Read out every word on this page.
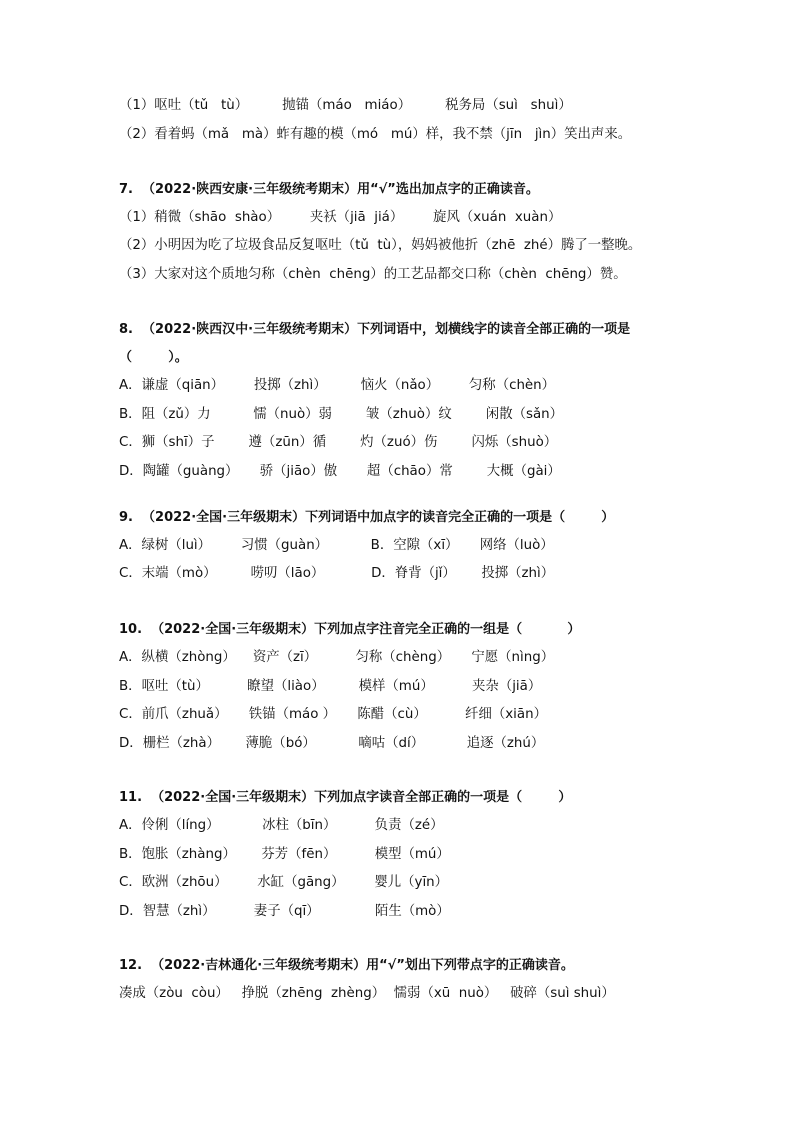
（1）呕吐（tǔ   tù）        抛锚（máo   miáo）        税务局（suì   shuì）
（2）看着蚂（mǎ   mà）蚱有趣的模（mó   mú）样，我不禁（jīn   jìn）笑出声来。
7.  （2022·陕西安康·三年级统考期末）用“√”选出加点字的正确读音。
（1）稍微（shāo  shào）       夹袄（jiā  jiá）       旋风（xuán  xuàn）
（2）小明因为吃了垃圾食品反复呕吐（tǔ  tù），妈妈被他折（zhē  zhé）腾了一整晚。
（3）大家对这个质地匀称（chèn  chēng）的工艺品都交口称（chèn  chēng）赞。
8.  （2022·陕西汉中·三年级统考期末）下列词语中，划横线字的读音全部正确的一项是
（        ）。
A．谦虚（qiān）       投掷（zhì）        恼火（nǎo）       匀称（chèn）
B．阻（zǔ）力          懦（nuò）弱        皱（zhuò）纹        闲散（sǎn）
C．狮（shī）子        遵（zūn）循        灼（zuó）伤        闪烁（shuò）
D．陶罐（guàng）     骄（jiāo）傲       超（chāo）常        大概（gài）
9.  （2022·全国·三年级期末）下列词语中加点字的读音完全正确的一项是（        ）
A．绿树（luì）       习惯（guàn）          B．空隙（xī）     网络（luò）
C．末端（mò）        唠叨（lāo）           D．脊背（jǐ）      投掷（zhì）
10.  （2022·全国·三年级期末）下列加点字注音完全正确的一组是（          ）
A．纵横（zhòng）    资产（zī）         匀称（chèng）     宁愿（nìng）
B．呕吐（tù）         瞭望（liào）        模样（mú）         夹杂（jiā）
C．前爪（zhuǎ）     铁锚（máo ）     陈醋（cù）         纤细（xiān）
D．栅栏（zhà）      薄脆（bó）          嘀咕（dí）          追逐（zhú）
11.  （2022·全国·三年级期末）下列加点字读音全部正确的一项是（        ）
A．伶俐（líng）          冰柱（bīn）         负责（zé）
B．饱胀（zhàng）      芬芳（fēn）         模型（mú）
C．欧洲（zhōu）       水缸（gāng）       婴儿（yīn）
D．智慧（zhì）         妻子（qī）             陌生（mò）
12.  （2022·吉林通化·三年级统考期末）用“√”划出下列带点字的正确读音。
凑成（zòu  còu）   挣脱（zhēng  zhèng）  懦弱（xū  nuò）   破碎（suì shuì）
